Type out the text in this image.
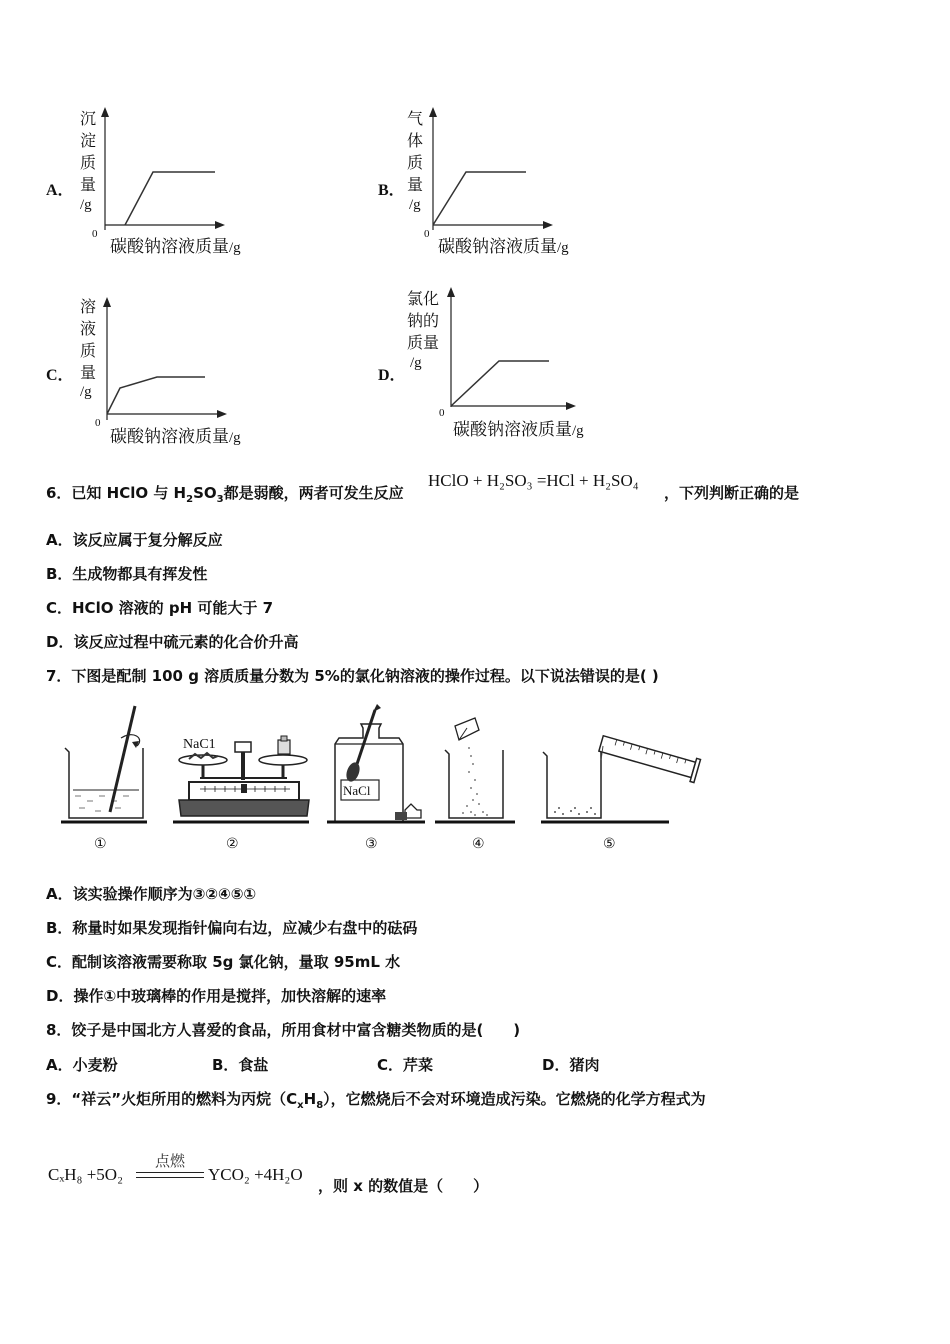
A．
沉
淀
质
量
/g
0
碳酸钠溶液质量/g
B．
气
体
质
量
/g
0
碳酸钠溶液质量/g
C．
溶
液
质
量
/g
0
碳酸钠溶液质量/g
D．
氯化
钠的
质量
/g
0
碳酸钠溶液质量/g
6．已知 HClO 与 $H_2SO_3$都是弱酸，两者可发生反应
HClO + H₂SO₃ =HCl + H₂SO₄
，下列判断正确的是
A．该反应属于复分解反应
B．生成物都具有挥发性
C．HClO 溶液的 pH 可能大于 7
D．该反应过程中硫元素的化合价升高
7．下图是配制 100 g 溶质质量分数为 5%的氯化钠溶液的操作过程。以下说法错误的是( )
NaC1
NaCl
①	②	③	④	⑤
A．该实验操作顺序为③②④⑤①
B．称量时如果发现指针偏向右边，应减少右盘中的砝码
C．配制该溶液需要称取 5g 氯化钠，量取 95mL 水
D．操作①中玻璃棒的作用是搅拌，加快溶解的速率
8．饺子是中国北方人喜爱的食品，所用食材中富含糖类物质的是(　　)
A．小麦粉	B．食盐	C．芹菜	D．猪肉
9．“祥云”火炬所用的燃料为丙烷$(C_xH_8)$，它燃烧后不会对环境造成污染。它燃烧的化学方程式为
CₓH₈ +5O₂
点燃
YCO₂ +4H₂O
，则 x 的数值是（　　）
